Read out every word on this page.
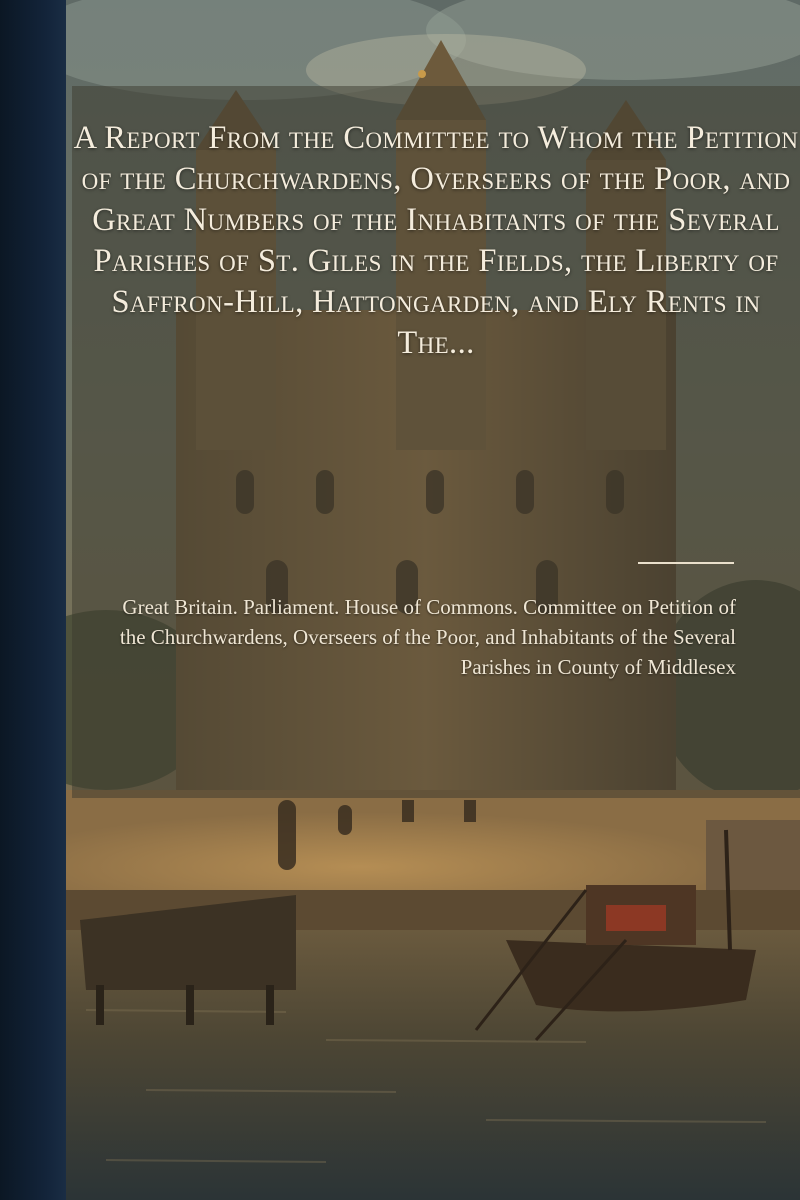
A Report From the Committee to Whom the Petition of the Churchwardens, Overseers of the Poor, and Great Numbers of the Inhabitants of the Several Parishes of St. Giles in the Fields, the Liberty of Saffron-Hill, Hattongarden, and Ely Rents in The...

Great Britain. Parliament. House of Commons. Committee on Petition of the Churchwardens, Overseers of the Poor, and Inhabitants of the Several Parishes in County of Middlesex
